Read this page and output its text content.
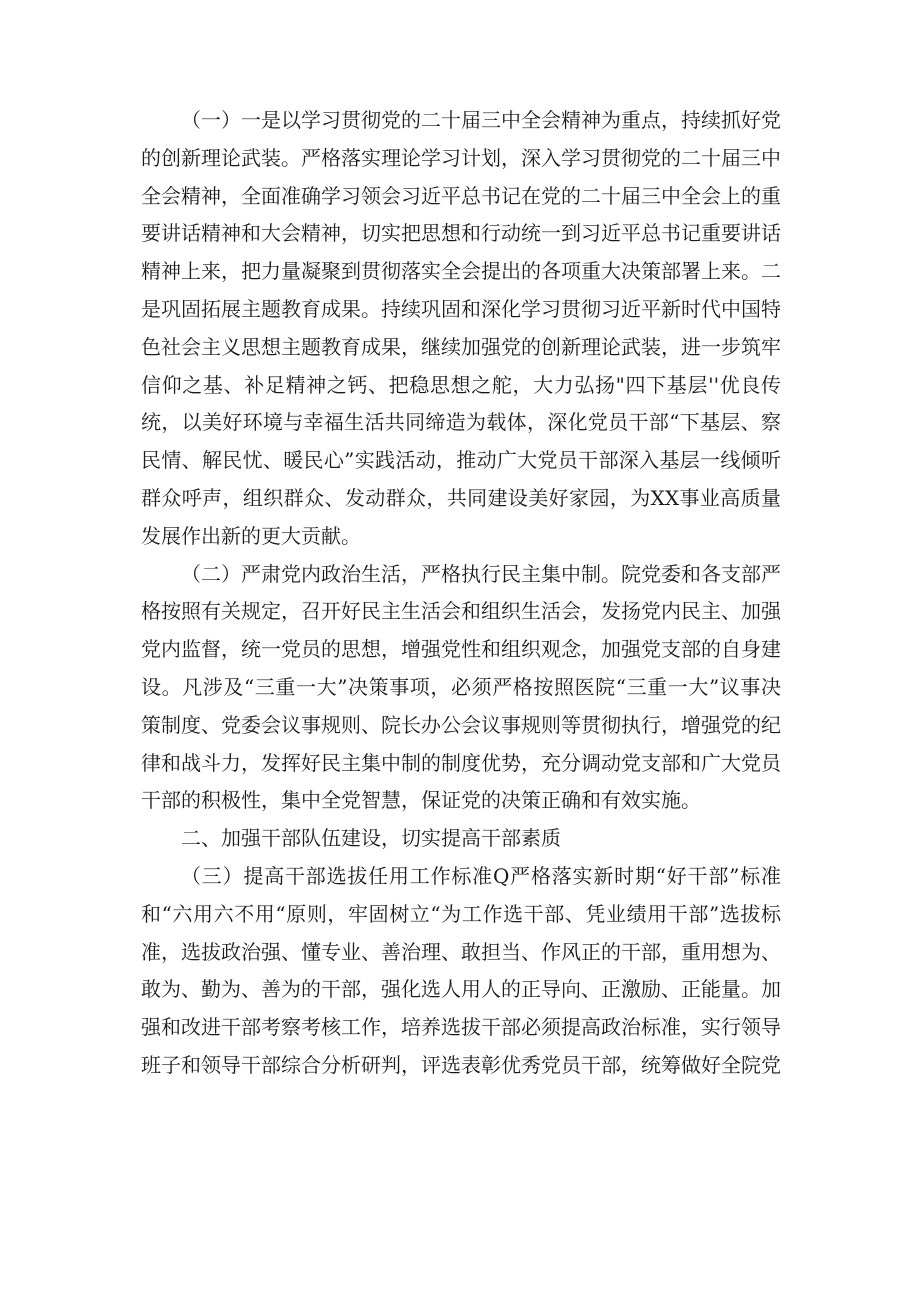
（一）一是以学习贯彻党的二十届三中全会精神为重点，持续抓好党的创新理论武装。严格落实理论学习计划，深入学习贯彻党的二十届三中全会精神，全面准确学习领会习近平总书记在党的二十届三中全会上的重要讲话精神和大会精神，切实把思想和行动统一到习近平总书记重要讲话精神上来，把力量凝聚到贯彻落实全会提出的各项重大决策部署上来。二是巩固拓展主题教育成果。持续巩固和深化学习贯彻习近平新时代中国特色社会主义思想主题教育成果，继续加强党的创新理论武装，进一步筑牢信仰之基、补足精神之钙、把稳思想之舵，大力弘扬"四下基层''优良传统，以美好环境与幸福生活共同缔造为载体，深化党员干部“下基层、察民情、解民忧、暖民心”实践活动，推动广大党员干部深入基层一线倾听群众呼声，组织群众、发动群众，共同建设美好家园，为XX事业高质量发展作出新的更大贡献。

（二）严肃党内政治生活，严格执行民主集中制。院党委和各支部严格按照有关规定，召开好民主生活会和组织生活会，发扬党内民主、加强党内监督，统一党员的思想，增强党性和组织观念，加强党支部的自身建设。凡涉及“三重一大”决策事项，必须严格按照医院“三重一大”议事决策制度、党委会议事规则、院长办公会议事规则等贯彻执行，增强党的纪律和战斗力，发挥好民主集中制的制度优势，充分调动党支部和广大党员干部的积极性，集中全党智慧，保证党的决策正确和有效实施。

二、加强干部队伍建设，切实提高干部素质

（三）提高干部选拔任用工作标准Q严格落实新时期“好干部”标准和“六用六不用“原则，牢固树立“为工作选干部、凭业绩用干部”选拔标准，选拔政治强、懂专业、善治理、敢担当、作风正的干部，重用想为、敢为、勤为、善为的干部，强化选人用人的正导向、正激励、正能量。加强和改进干部考察考核工作，培养选拔干部必须提高政治标准，实行领导班子和领导干部综合分析研判，评选表彰优秀党员干部，统筹做好全院党
